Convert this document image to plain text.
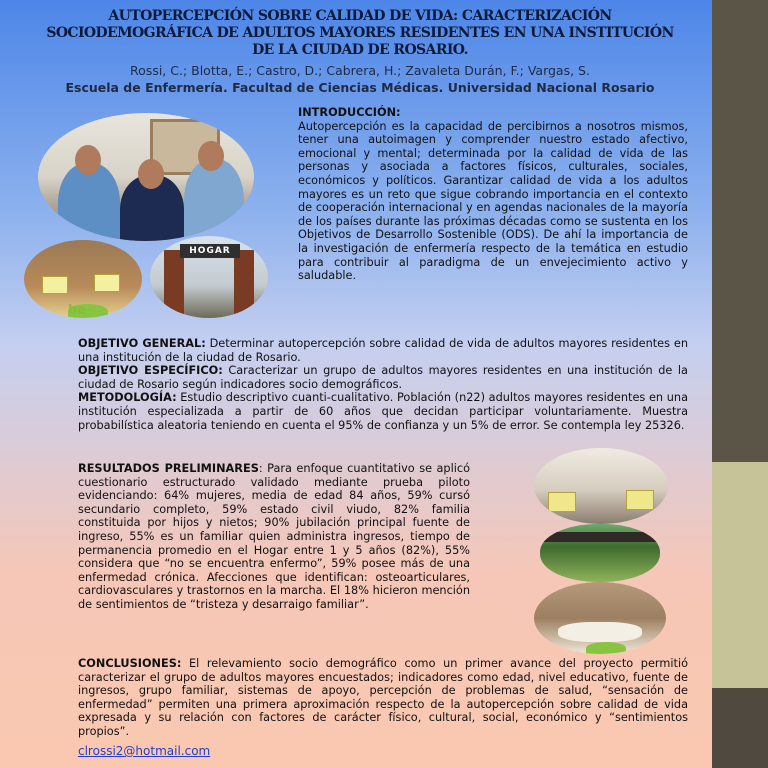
AUTOPERCEPCIÓN SOBRE CALIDAD DE VIDA: CARACTERIZACIÓN SOCIODEMOGRÁFICA DE ADULTOS MAYORES RESIDENTES EN UNA INSTITUCIÓN DE LA CIUDAD DE ROSARIO.
Rossi, C.; Blotta, E.; Castro, D.; Cabrera, H.; Zavaleta Durán, F.; Vargas, S.
Escuela de Enfermería. Facultad de Ciencias Médicas. Universidad Nacional Rosario
be
HOGAR
INTRODUCCIÓN:
Autopercepción es la capacidad de percibirnos a nosotros mismos, tener una autoimagen y comprender nuestro estado afectivo, emocional y mental; determinada por la calidad de vida de las personas y asociada a factores físicos, culturales, sociales, económicos y políticos. Garantizar calidad de vida a los adultos mayores es un reto que sigue cobrando importancia en el contexto de cooperación internacional y en agendas nacionales de la mayoría de los países durante las próximas décadas como se sustenta en los Objetivos de Desarrollo Sostenible (ODS). De ahí la importancia de la investigación de enfermería respecto de la temática en estudio para contribuir al paradigma de un envejecimiento activo y saludable.
OBJETIVO GENERAL: Determinar autopercepción sobre calidad de vida de adultos mayores residentes en una institución de la ciudad de Rosario.
OBJETIVO ESPECÍFICO: Caracterizar un grupo de adultos mayores residentes en una institución de la ciudad de Rosario según indicadores socio demográficos.
METODOLOGÍA: Estudio descriptivo cuanti-cualitativo. Población (n22) adultos mayores residentes en una institución especializada a partir de 60 años que decidan participar voluntariamente. Muestra probabilística aleatoria teniendo en cuenta el 95% de confianza y un 5% de error. Se contempla ley 25326.
RESULTADOS PRELIMINARES: Para enfoque cuantitativo se aplicó cuestionario estructurado validado mediante prueba piloto evidenciando: 64% mujeres, media de edad 84 años, 59% cursó secundario completo, 59% estado civil viudo, 82% familia constituida por hijos y nietos; 90% jubilación principal fuente de ingreso, 55% es un familiar quien administra ingresos, tiempo de permanencia promedio en el Hogar entre 1 y 5 años (82%), 55% considera que “no se encuentra enfermo”, 59% posee más de una enfermedad crónica. Afecciones que identifican: osteoarticulares, cardiovasculares y trastornos en la marcha. El 18% hicieron mención de sentimientos de “tristeza y desarraigo familiar”.
CONCLUSIONES: El relevamiento socio demográfico como un primer avance del proyecto permitió caracterizar el grupo de adultos mayores encuestados; indicadores como edad, nivel educativo, fuente de ingresos, grupo familiar, sistemas de apoyo, percepción de problemas de salud, “sensación de enfermedad” permiten una primera aproximación respecto de la autopercepción sobre calidad de vida expresada y su relación con factores de carácter físico, cultural, social, económico y “sentimientos propios”.
clrossi2@hotmail.com
